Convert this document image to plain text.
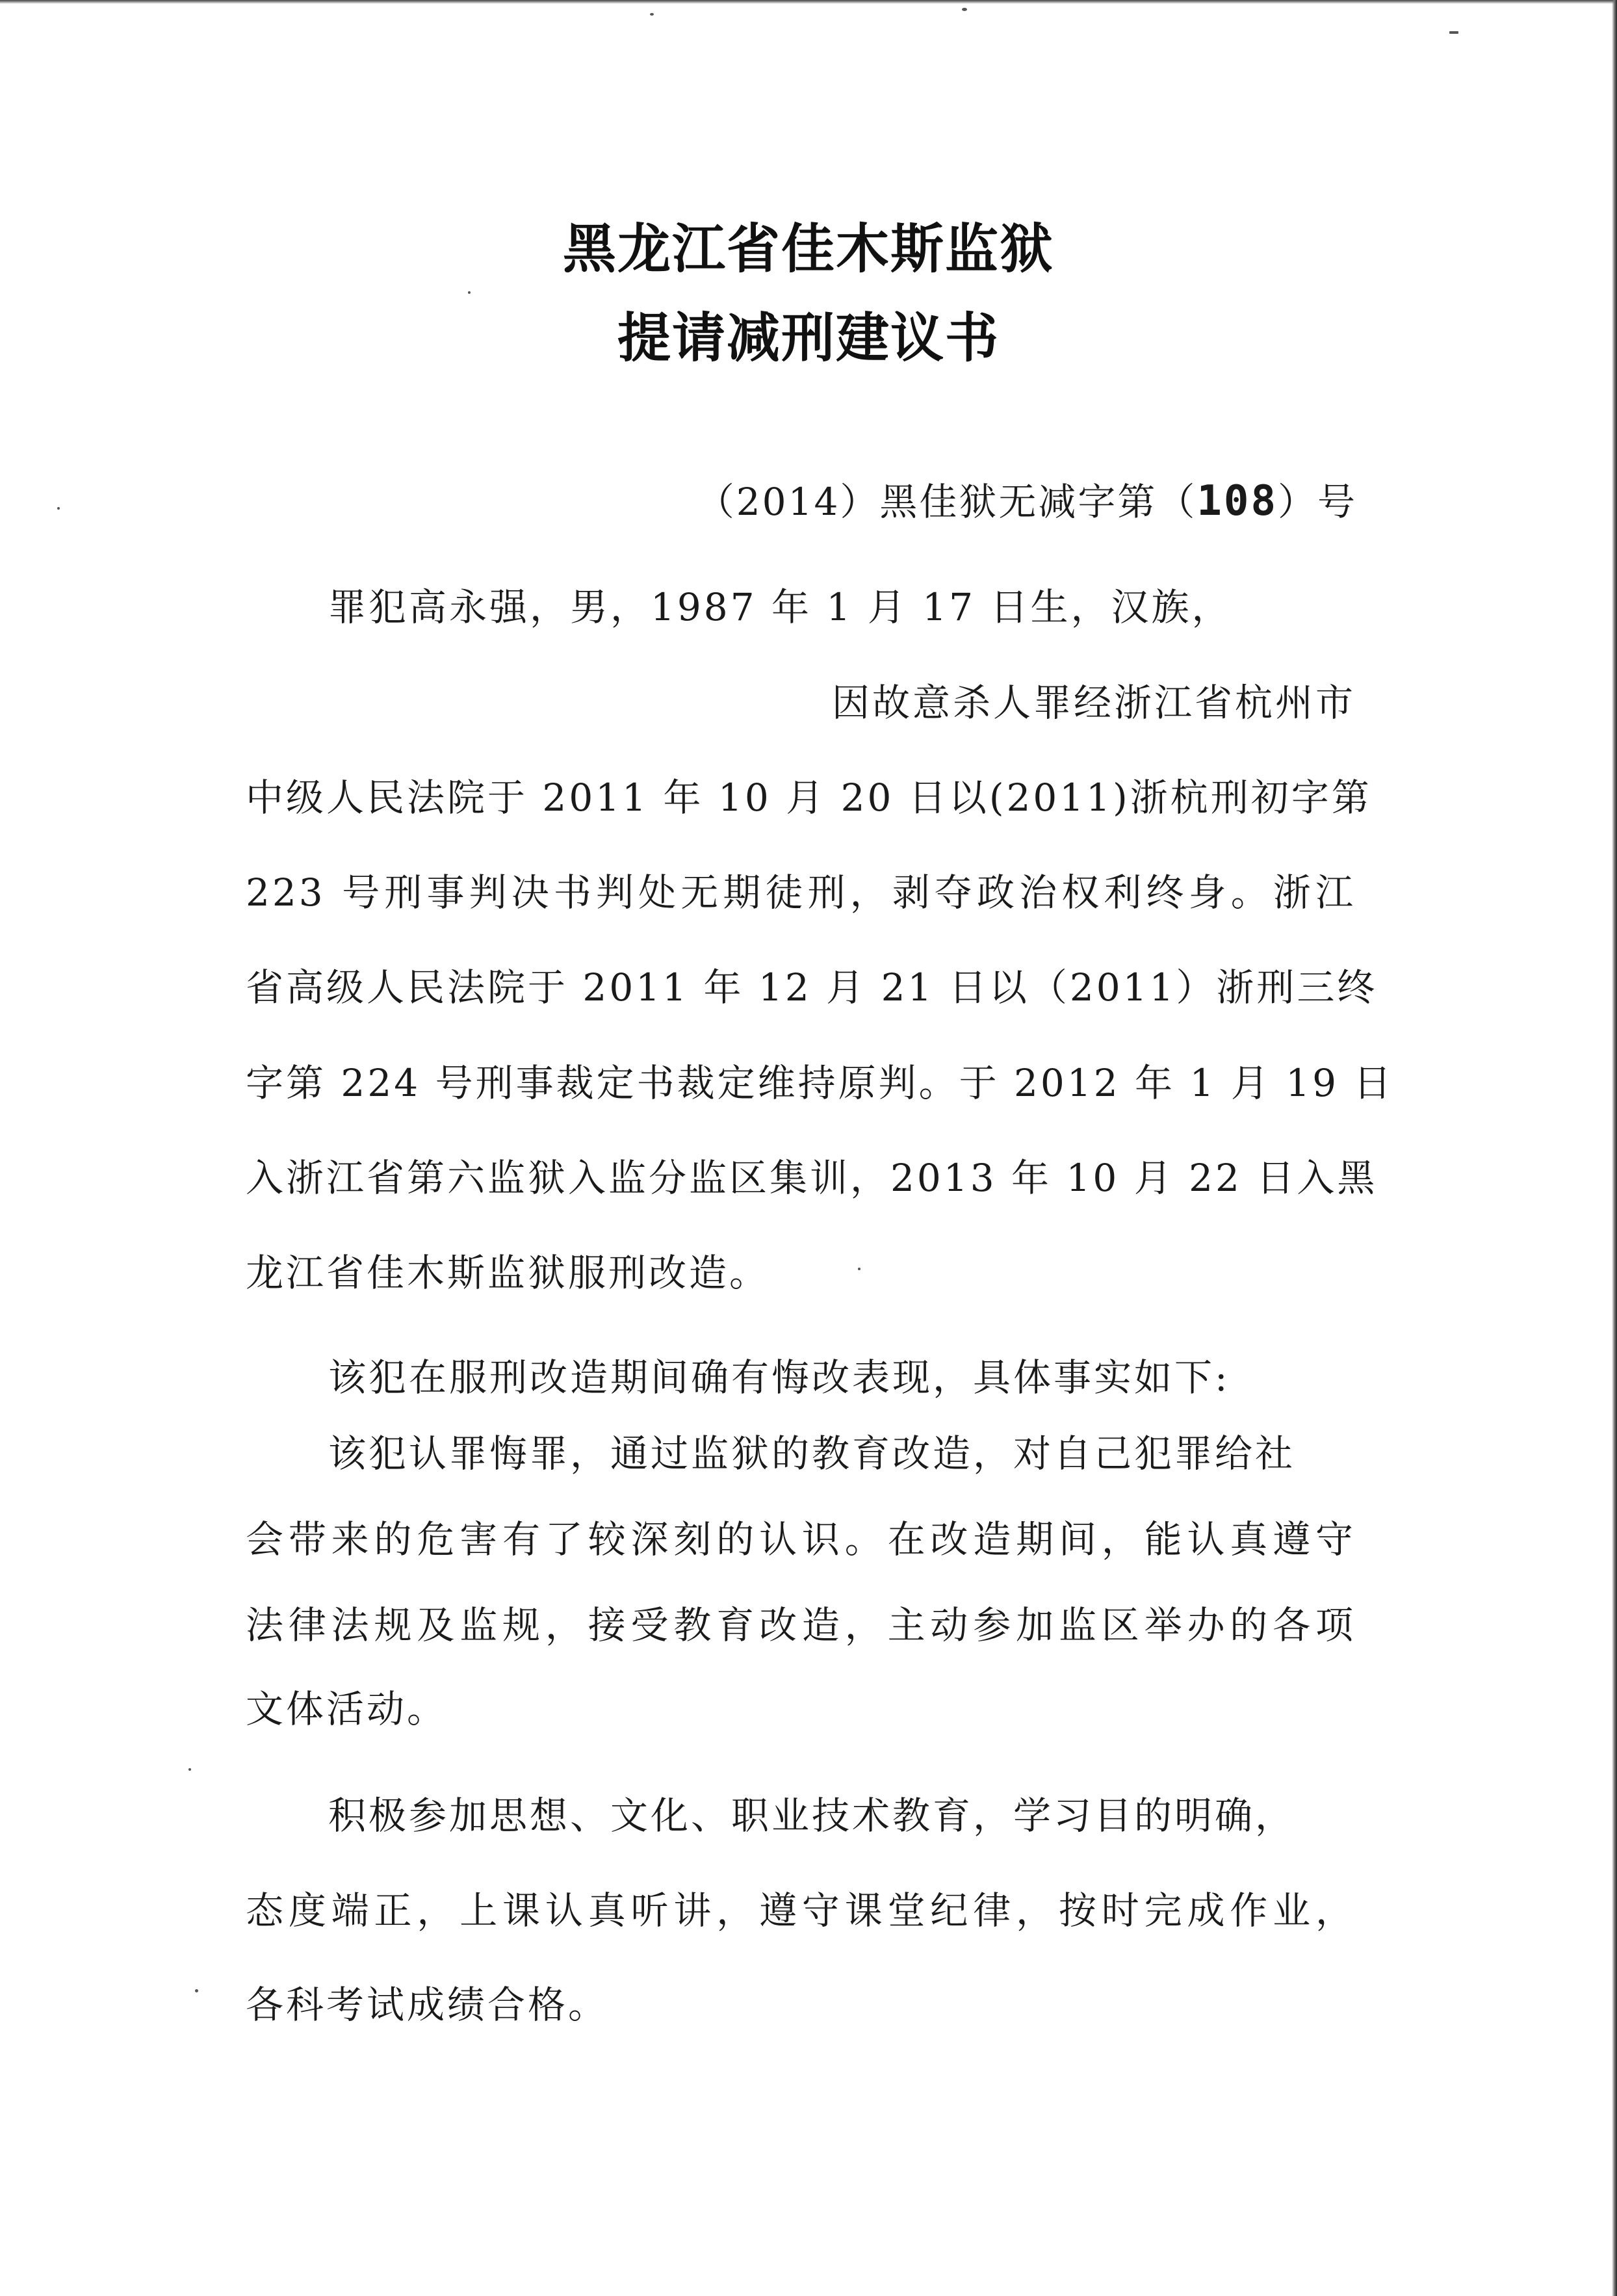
黑龙江省佳木斯监狱
提请减刑建议书
（2014）黑佳狱无减字第（108）号
罪犯高永强，男，1987 年 1 月 17 日生，汉族，
因故意杀人罪经浙江省杭州市
中级人民法院于 2011 年 10 月 20 日以(2011)浙杭刑初字第
223 号刑事判决书判处无期徒刑，剥夺政治权利终身。浙江
省高级人民法院于 2011 年 12 月 21 日以（2011）浙刑三终
字第 224 号刑事裁定书裁定维持原判。于 2012 年 1 月 19 日
入浙江省第六监狱入监分监区集训，2013 年 10 月 22 日入黑
龙江省佳木斯监狱服刑改造。
该犯在服刑改造期间确有悔改表现，具体事实如下:
该犯认罪悔罪，通过监狱的教育改造，对自己犯罪给社
会带来的危害有了较深刻的认识。在改造期间，能认真遵守
法律法规及监规，接受教育改造，主动参加监区举办的各项
文体活动。
积极参加思想、文化、职业技术教育，学习目的明确，
态度端正，上课认真听讲，遵守课堂纪律，按时完成作业，
各科考试成绩合格。
